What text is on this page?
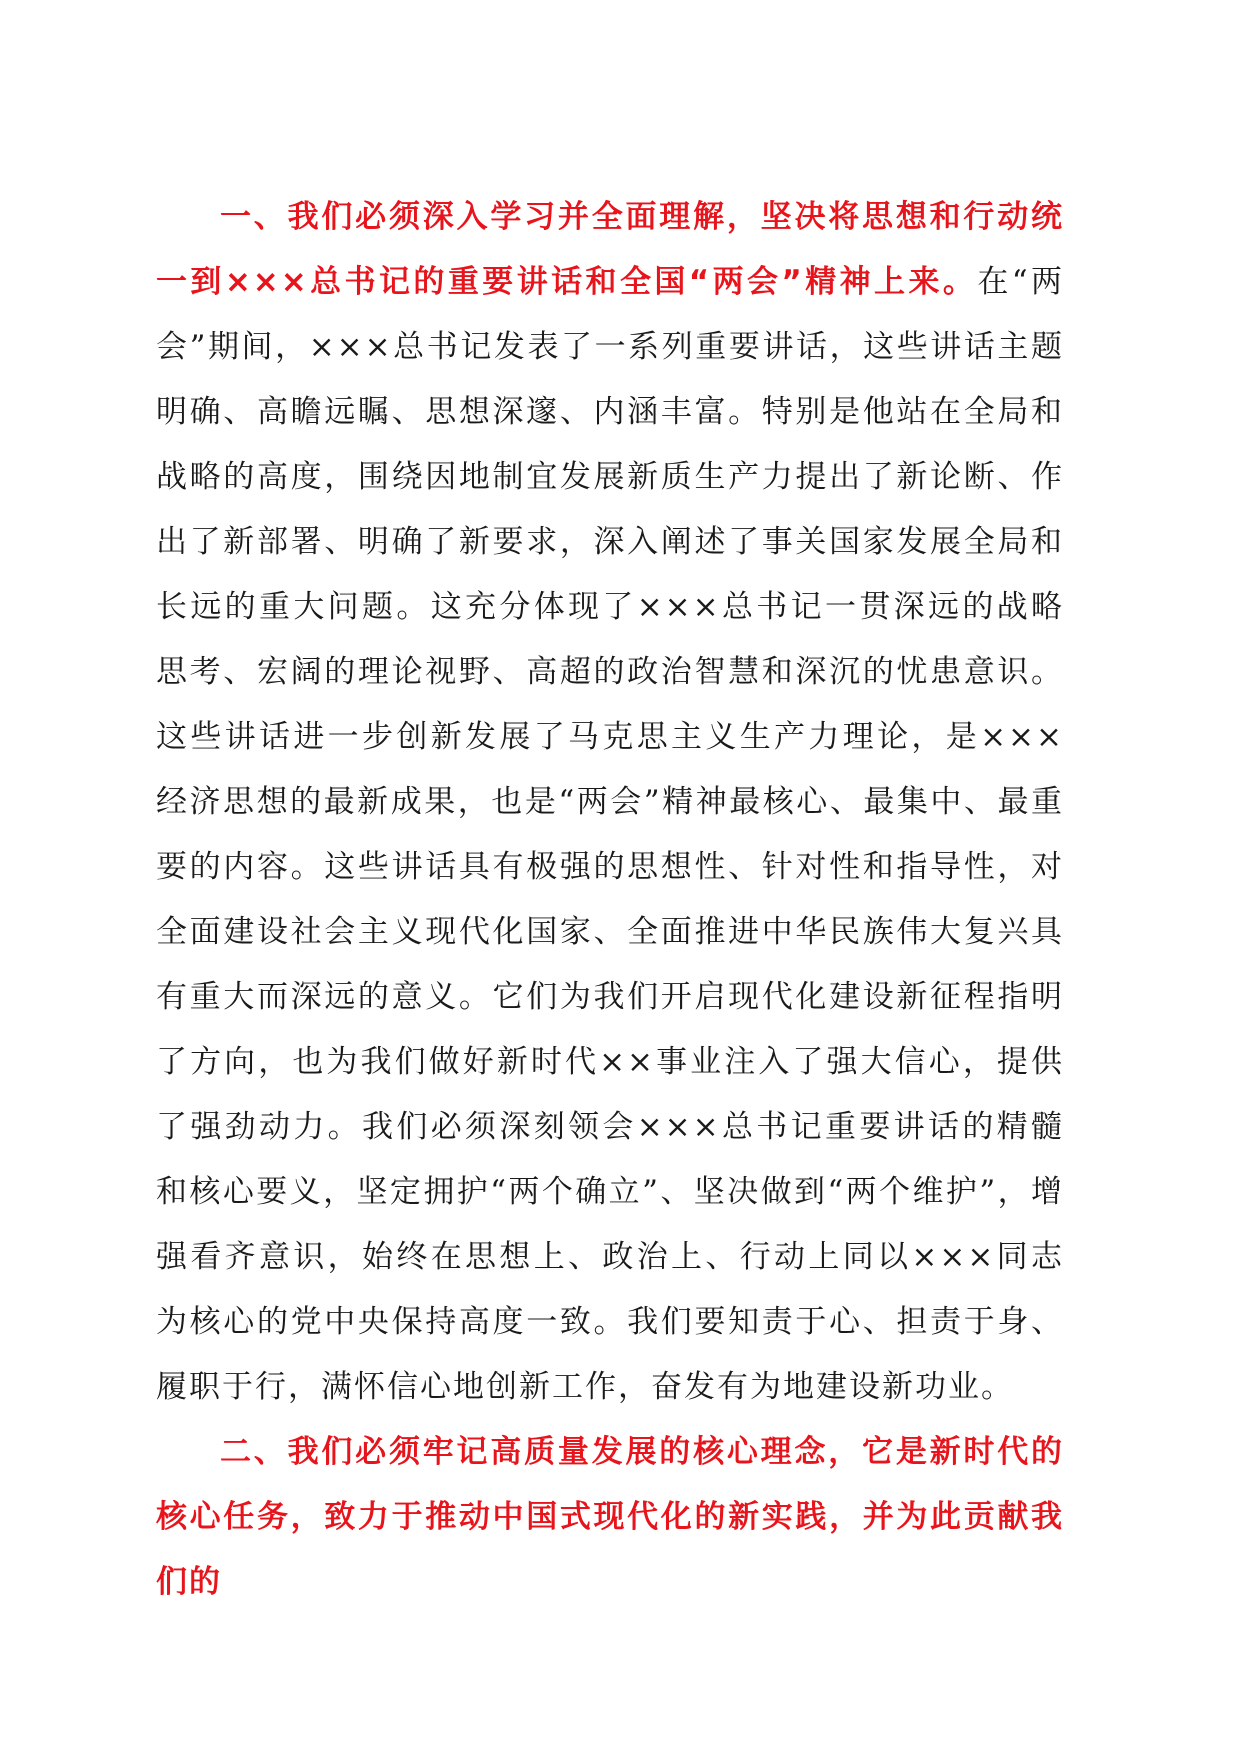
一、我们必须深入学习并全面理解，坚决将思想和行动统一到×××总书记的重要讲话和全国“两会”精神上来。在“两会”期间，×××总书记发表了一系列重要讲话，这些讲话主题明确、高瞻远瞩、思想深邃、内涵丰富。特别是他站在全局和战略的高度，围绕因地制宜发展新质生产力提出了新论断、作出了新部署、明确了新要求，深入阐述了事关国家发展全局和长远的重大问题。这充分体现了×××总书记一贯深远的战略思考、宏阔的理论视野、高超的政治智慧和深沉的忧患意识。这些讲话进一步创新发展了马克思主义生产力理论，是×××经济思想的最新成果，也是“两会”精神最核心、最集中、最重要的内容。这些讲话具有极强的思想性、针对性和指导性，对全面建设社会主义现代化国家、全面推进中华民族伟大复兴具有重大而深远的意义。它们为我们开启现代化建设新征程指明了方向，也为我们做好新时代××事业注入了强大信心，提供了强劲动力。我们必须深刻领会×××总书记重要讲话的精髓和核心要义，坚定拥护“两个确立”、坚决做到“两个维护”，增强看齐意识，始终在思想上、政治上、行动上同以×××同志为核心的党中央保持高度一致。我们要知责于心、担责于身、履职于行，满怀信心地创新工作，奋发有为地建设新功业。

二、我们必须牢记高质量发展的核心理念，它是新时代的核心任务，致力于推动中国式现代化的新实践，并为此贡献我们的
